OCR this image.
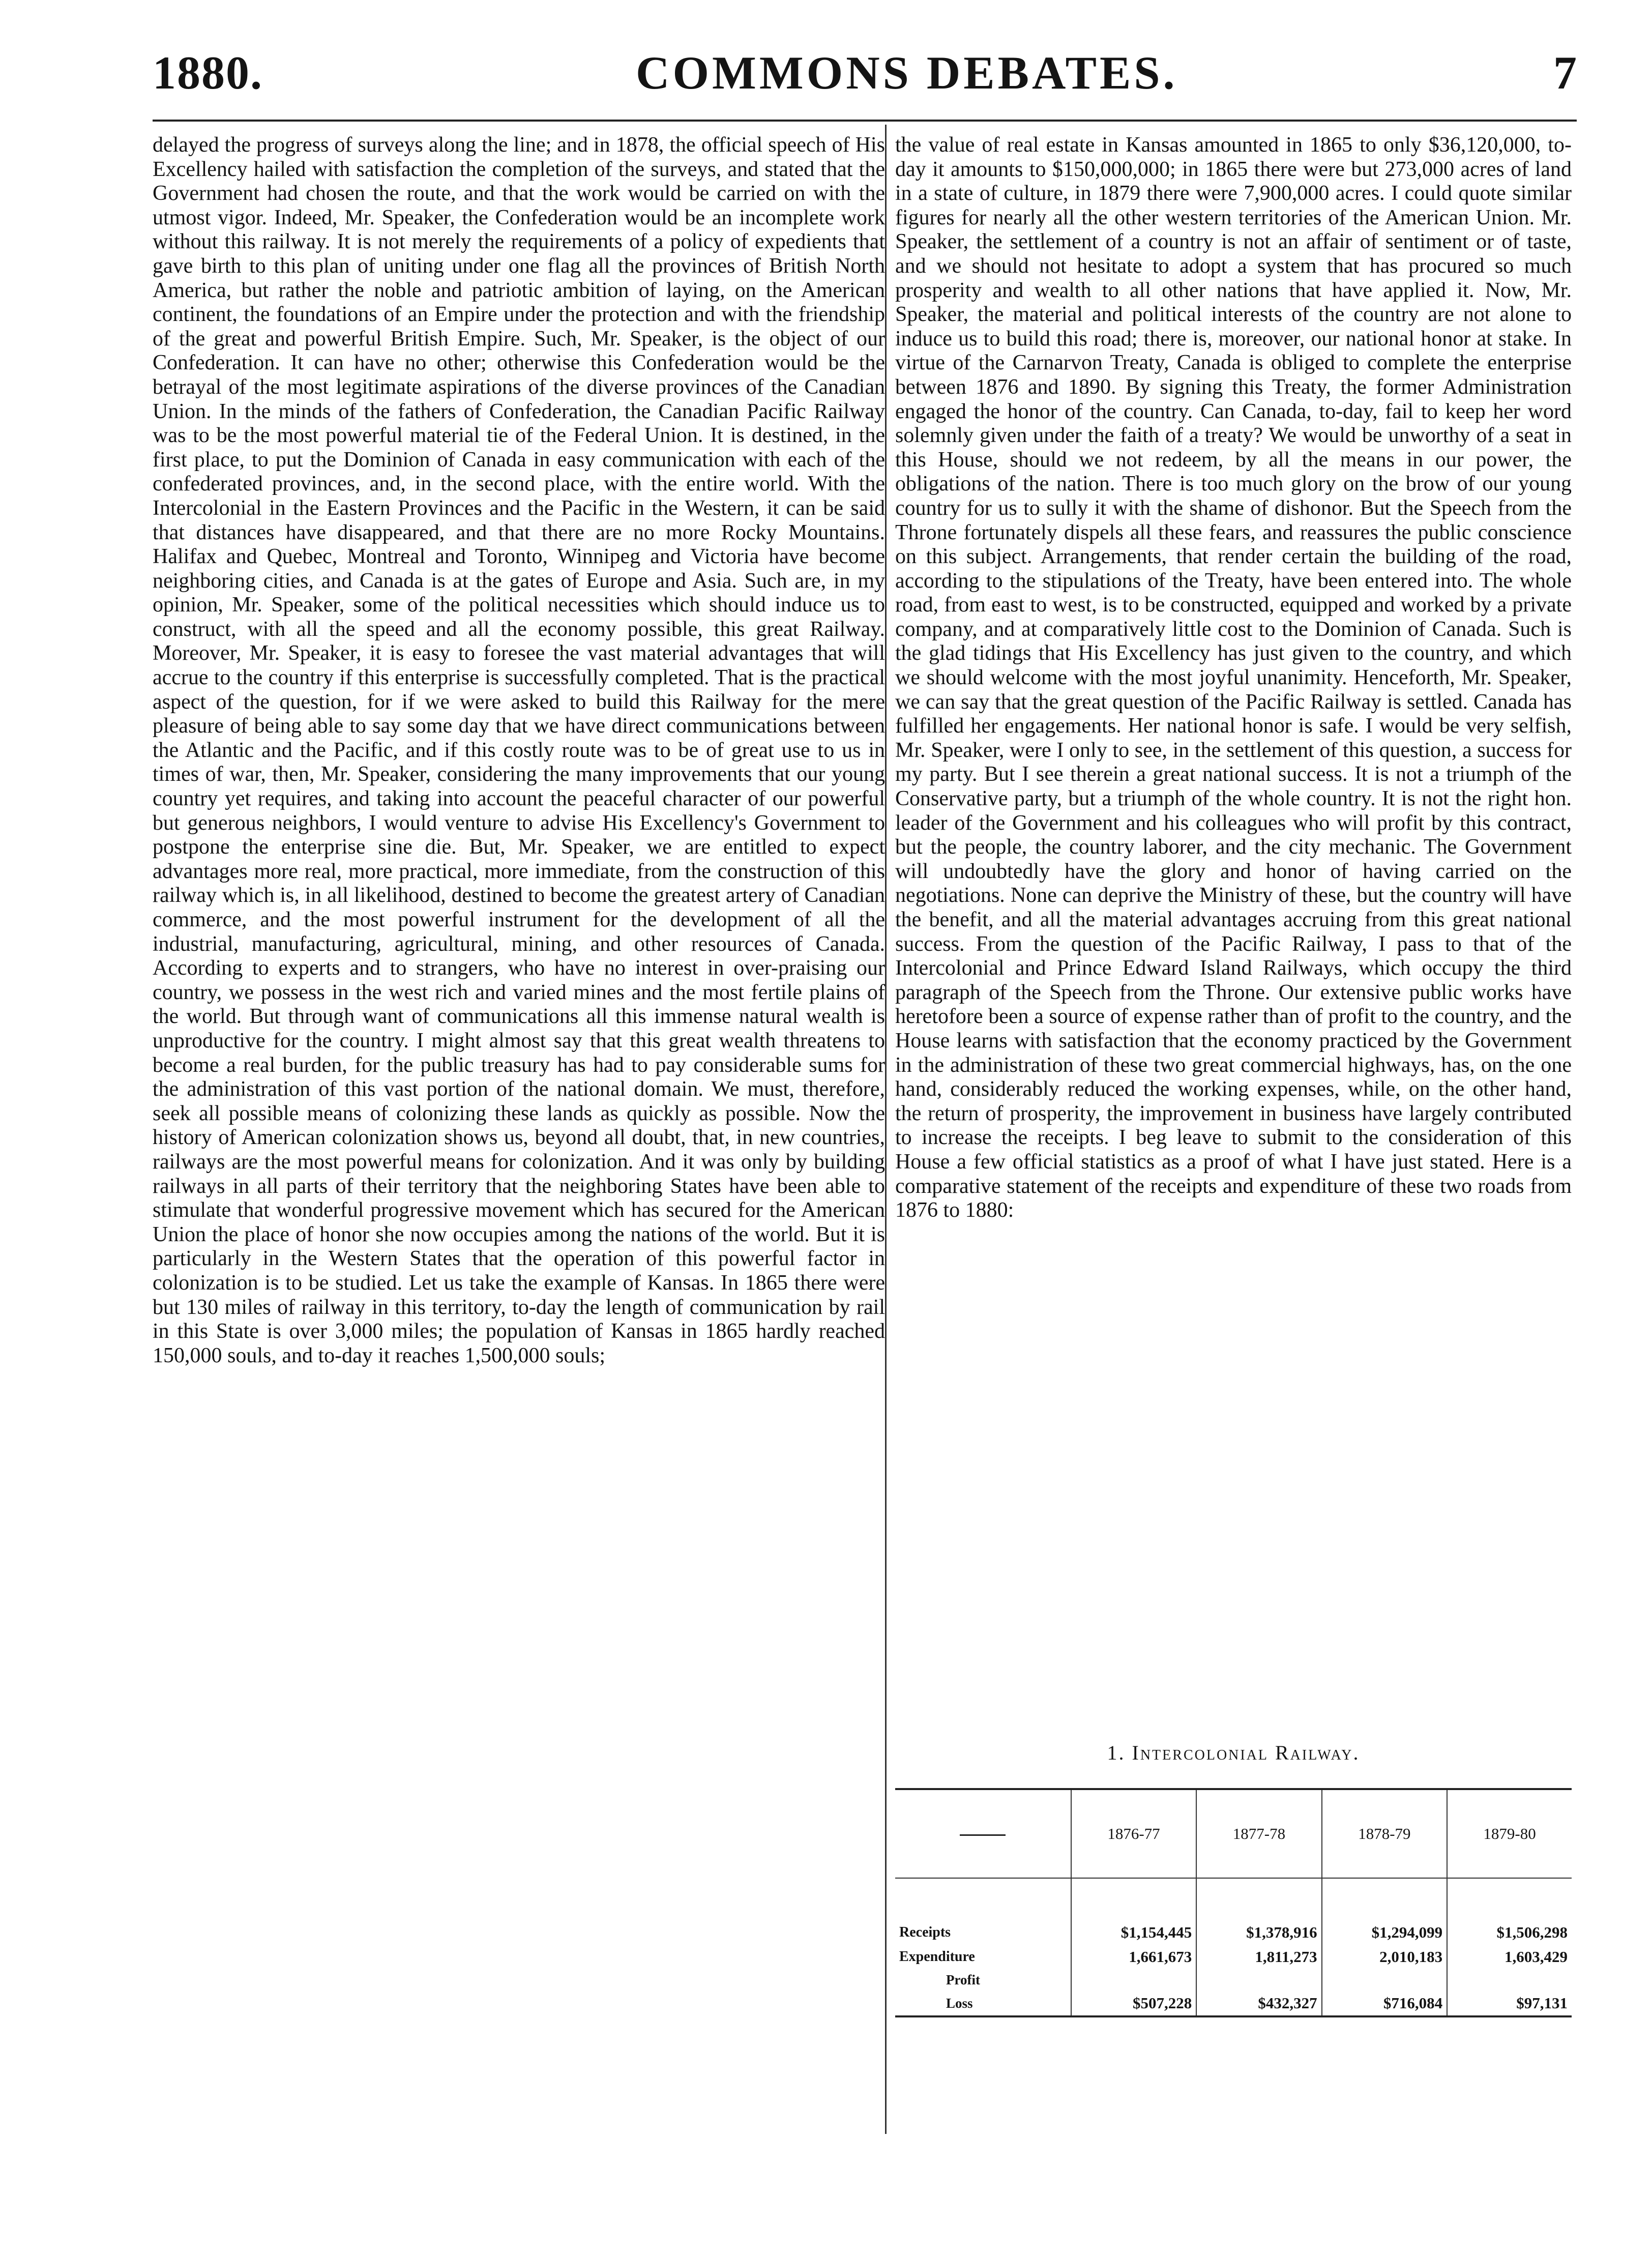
1880.	COMMONS DEBATES.	7

delayed the progress of surveys along the line; and in 1878, the official speech of His Excellency hailed with satisfaction the completion of the surveys, and stated that the Government had chosen the route, and that the work would be carried on with the utmost vigor. Indeed, Mr. Speaker, the Confederation would be an incomplete work without this railway. It is not merely the requirements of a policy of expedients that gave birth to this plan of uniting under one flag all the provinces of British North America, but rather the noble and patriotic ambition of laying, on the American continent, the foundations of an Empire under the protection and with the friendship of the great and powerful British Empire. Such, Mr. Speaker, is the object of our Confederation. It can have no other; otherwise this Confederation would be the betrayal of the most legitimate aspirations of the diverse provinces of the Canadian Union. In the minds of the fathers of Confederation, the Canadian Pacific Railway was to be the most powerful material tie of the Federal Union. It is destined, in the first place, to put the Dominion of Canada in easy communication with each of the confederated provinces, and, in the second place, with the entire world. With the Intercolonial in the Eastern Provinces and the Pacific in the Western, it can be said that distances have disappeared, and that there are no more Rocky Mountains. Halifax and Quebec, Montreal and Toronto, Winnipeg and Victoria have become neighboring cities, and Canada is at the gates of Europe and Asia. Such are, in my opinion, Mr. Speaker, some of the political necessities which should induce us to construct, with all the speed and all the economy possible, this great Railway. Moreover, Mr. Speaker, it is easy to foresee the vast material advantages that will accrue to the country if this enterprise is successfully completed. That is the practical aspect of the question, for if we were asked to build this Railway for the mere pleasure of being able to say some day that we have direct communications between the Atlantic and the Pacific, and if this costly route was to be of great use to us in times of war, then, Mr. Speaker, considering the many improvements that our young country yet requires, and taking into account the peaceful character of our powerful but generous neighbors, I would venture to advise His Excellency's Government to postpone the enterprise sine die. But, Mr. Speaker, we are entitled to expect advantages more real, more practical, more immediate, from the construction of this railway which is, in all likelihood, destined to become the greatest artery of Canadian commerce, and the most powerful instrument for the development of all the industrial, manufacturing, agricultural, mining, and other resources of Canada. According to experts and to strangers, who have no interest in over-praising our country, we possess in the west rich and varied mines and the most fertile plains of the world. But through want of communications all this immense natural wealth is unproductive for the country. I might almost say that this great wealth threatens to become a real burden, for the public treasury has had to pay considerable sums for the administration of this vast portion of the national domain. We must, therefore, seek all possible means of colonizing these lands as quickly as possible. Now the history of American colonization shows us, beyond all doubt, that, in new countries, railways are the most powerful means for colonization. And it was only by building railways in all parts of their territory that the neighboring States have been able to stimulate that wonderful progressive movement which has secured for the American Union the place of honor she now occupies among the nations of the world. But it is particularly in the Western States that the operation of this powerful factor in colonization is to be studied. Let us take the example of Kansas. In 1865 there were but 130 miles of railway in this territory, to-day the length of communication by rail in this State is over 3,000 miles; the population of Kansas in 1865 hardly reached 150,000 souls, and to-day it reaches 1,500,000 souls;

the value of real estate in Kansas amounted in 1865 to only $36,120,000, to-day it amounts to $150,000,000; in 1865 there were but 273,000 acres of land in a state of culture, in 1879 there were 7,900,000 acres. I could quote similar figures for nearly all the other western territories of the American Union. Mr. Speaker, the settlement of a country is not an affair of sentiment or of taste, and we should not hesitate to adopt a system that has procured so much prosperity and wealth to all other nations that have applied it. Now, Mr. Speaker, the material and political interests of the country are not alone to induce us to build this road; there is, moreover, our national honor at stake. In virtue of the Carnarvon Treaty, Canada is obliged to complete the enterprise between 1876 and 1890. By signing this Treaty, the former Administration engaged the honor of the country. Can Canada, to-day, fail to keep her word solemnly given under the faith of a treaty? We would be unworthy of a seat in this House, should we not redeem, by all the means in our power, the obligations of the nation. There is too much glory on the brow of our young country for us to sully it with the shame of dishonor. But the Speech from the Throne fortunately dispels all these fears, and reassures the public conscience on this subject. Arrangements, that render certain the building of the road, according to the stipulations of the Treaty, have been entered into. The whole road, from east to west, is to be constructed, equipped and worked by a private company, and at comparatively little cost to the Dominion of Canada. Such is the glad tidings that His Excellency has just given to the country, and which we should welcome with the most joyful unanimity. Henceforth, Mr. Speaker, we can say that the great question of the Pacific Railway is settled. Canada has fulfilled her engagements. Her national honor is safe. I would be very selfish, Mr. Speaker, were I only to see, in the settlement of this question, a success for my party. But I see therein a great national success. It is not a triumph of the Conservative party, but a triumph of the whole country. It is not the right hon. leader of the Government and his colleagues who will profit by this contract, but the people, the country laborer, and the city mechanic. The Government will undoubtedly have the glory and honor of having carried on the negotiations. None can deprive the Ministry of these, but the country will have the benefit, and all the material advantages accruing from this great national success. From the question of the Pacific Railway, I pass to that of the Intercolonial and Prince Edward Island Railways, which occupy the third paragraph of the Speech from the Throne. Our extensive public works have heretofore been a source of expense rather than of profit to the country, and the House learns with satisfaction that the economy practiced by the Government in the administration of these two great commercial highways, has, on the one hand, considerably reduced the working expenses, while, on the other hand, the return of prosperity, the improvement in business have largely contributed to increase the receipts. I beg leave to submit to the consideration of this House a few official statistics as a proof of what I have just stated. Here is a comparative statement of the receipts and expenditure of these two roads from 1876 to 1880:

1. Intercolonial Railway.
	1876-77	1877-78	1878-79	1879-80

Receipts	$1,154,445	$1,378,916	$1,294,099	$1,506,298
Expenditure	1,661,673	1,811,273	2,010,183	1,603,429
Profit				
Loss	$507,228	$432,327	$716,084	$97,131
